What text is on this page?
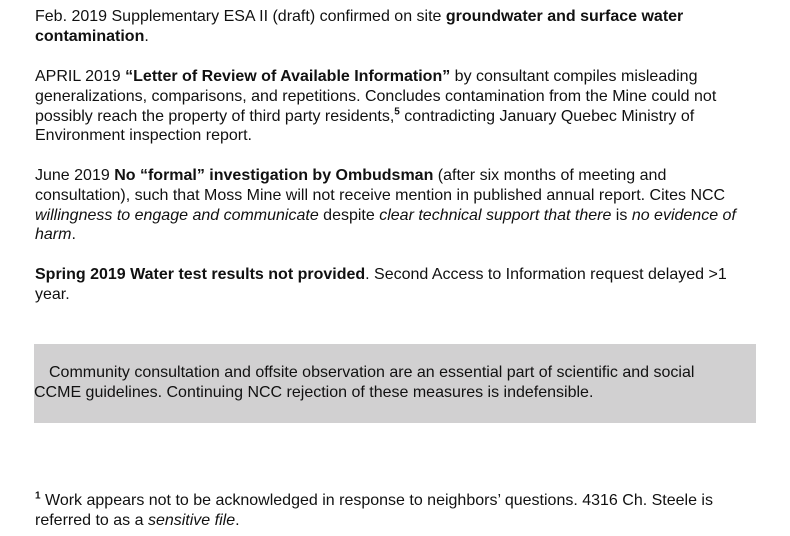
Feb. 2019 Supplementary ESA II (draft) confirmed on site groundwater and surface water contamination.

APRIL 2019 “Letter of Review of Available Information” by consultant compiles misleading generalizations, comparisons, and repetitions. Concludes contamination from the Mine could not possibly reach the property of third party residents,$^5$ contradicting January Quebec Ministry of Environment inspection report.

June 2019 No “formal” investigation by Ombudsman (after six months of meeting and consultation), such that Moss Mine will not receive mention in published annual report. Cites NCC willingness to engage and communicate despite clear technical support that there is no evidence of harm.

Spring 2019 Water test results not provided. Second Access to Information request delayed >1 year.

Community consultation and offsite observation are an essential part of scientific and social

CCME guidelines. Continuing NCC rejection of these measures is indefensible.

$^1$ Work appears not to be acknowledged in response to neighbors’ questions. 4316 Ch. Steele is referred to as a sensitive file.
